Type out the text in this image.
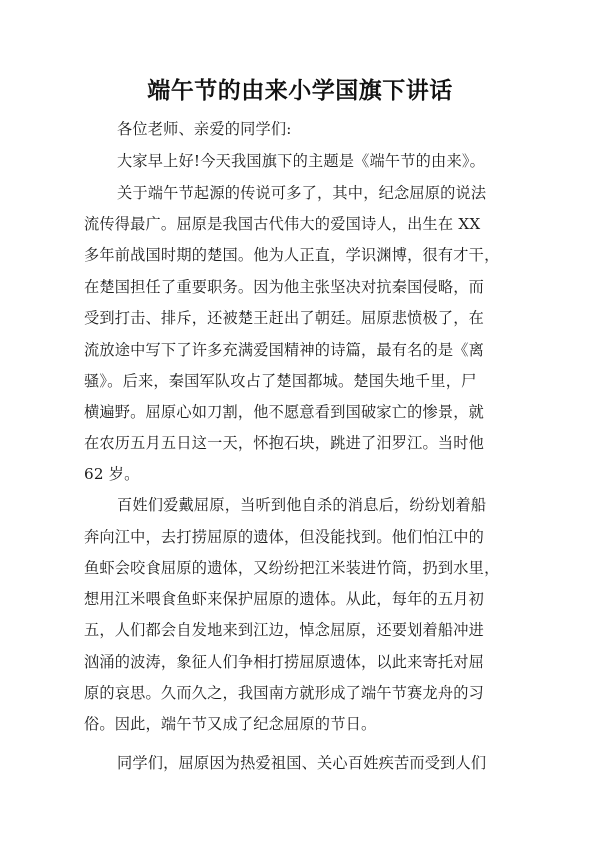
端午节的由来小学国旗下讲话
各位老师、亲爱的同学们:
大家早上好!今天我国旗下的主题是《端午节的由来》。
关于端午节起源的传说可多了，其中，纪念屈原的说法
流传得最广。屈原是我国古代伟大的爱国诗人，出生在 XX
多年前战国时期的楚国。他为人正直，学识渊博，很有才干，
在楚国担任了重要职务。因为他主张坚决对抗秦国侵略，而
受到打击、排斥，还被楚王赶出了朝廷。屈原悲愤极了，在
流放途中写下了许多充满爱国精神的诗篇，最有名的是《离
骚》。后来，秦国军队攻占了楚国都城。楚国失地千里，尸
横遍野。屈原心如刀割，他不愿意看到国破家亡的惨景，就
在农历五月五日这一天，怀抱石块，跳进了汨罗江。当时他
62 岁。
百姓们爱戴屈原，当听到他自杀的消息后，纷纷划着船
奔向江中，去打捞屈原的遗体，但没能找到。他们怕江中的
鱼虾会咬食屈原的遗体，又纷纷把江米装进竹筒，扔到水里，
想用江米喂食鱼虾来保护屈原的遗体。从此，每年的五月初
五，人们都会自发地来到江边，悼念屈原，还要划着船冲进
汹涌的波涛，象征人们争相打捞屈原遗体，以此来寄托对屈
原的哀思。久而久之，我国南方就形成了端午节赛龙舟的习
俗。因此，端午节又成了纪念屈原的节日。
同学们，屈原因为热爱祖国、关心百姓疾苦而受到人们
